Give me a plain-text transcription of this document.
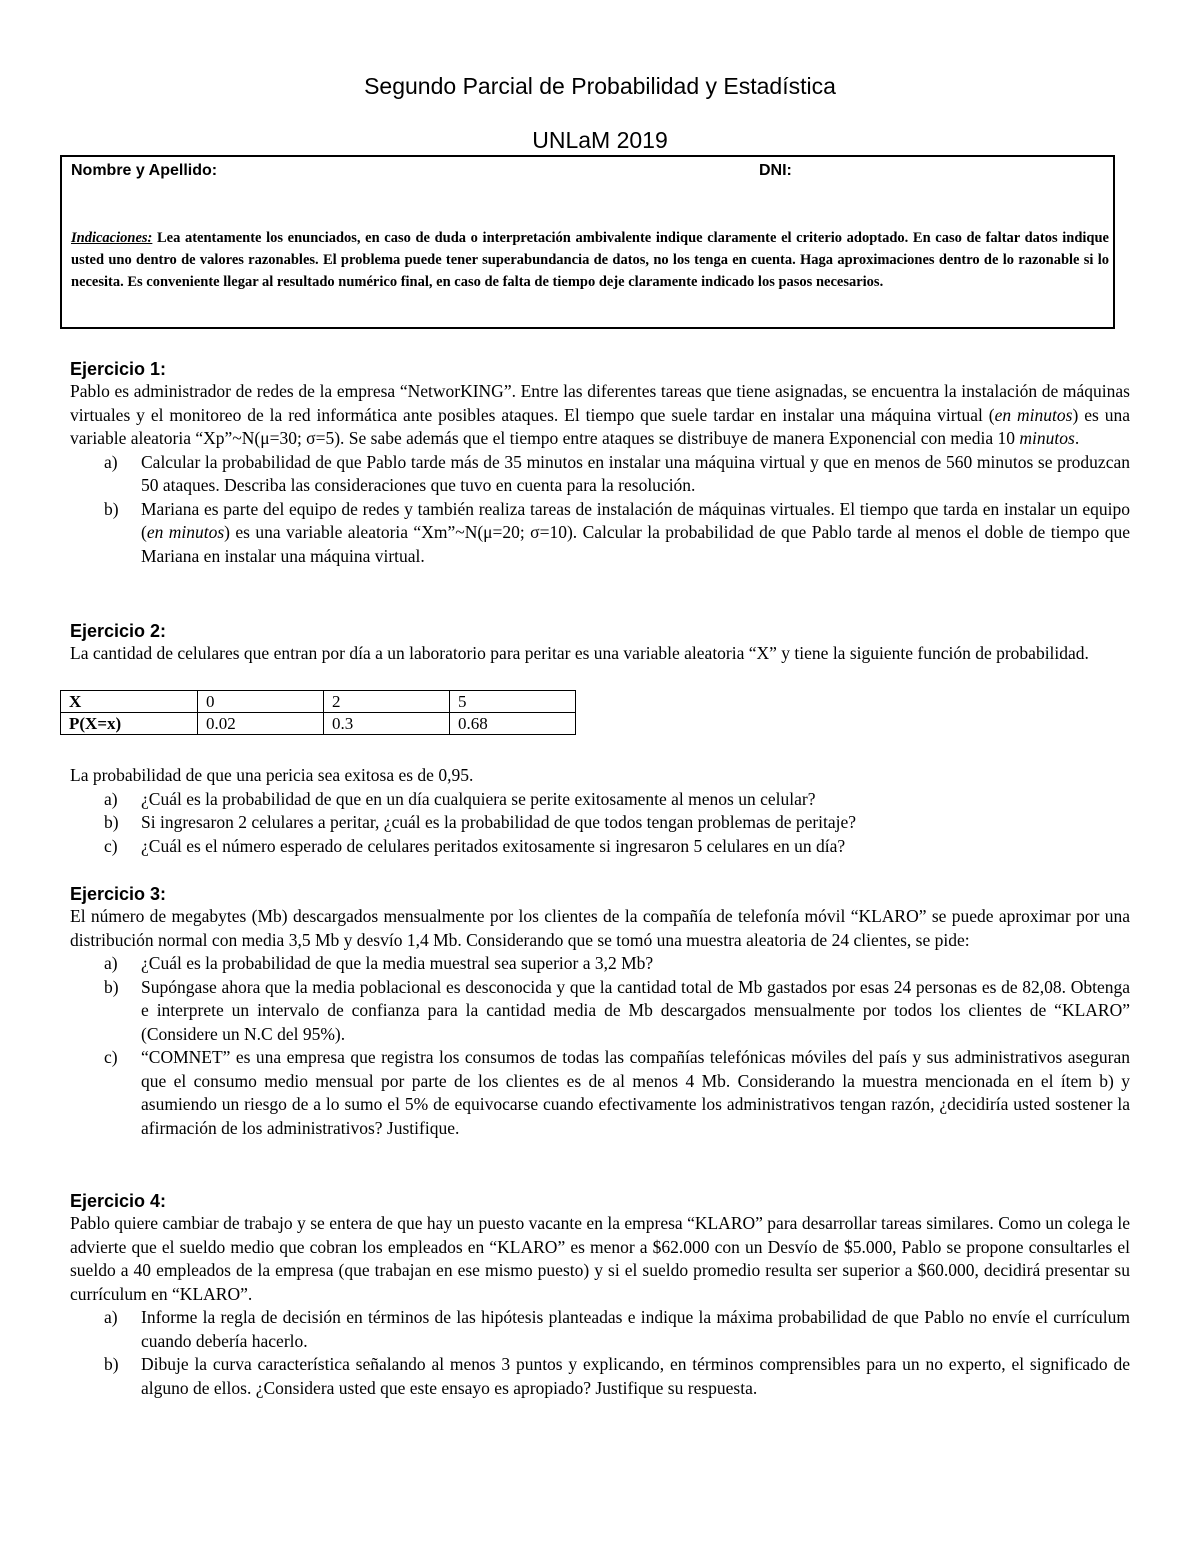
Segundo Parcial de Probabilidad y Estadística
UNLaM 2019
Nombre y Apellido:	DNI:
Indicaciones: Lea atentamente los enunciados, en caso de duda o interpretación ambivalente indique claramente el criterio adoptado. En caso de faltar datos indique usted uno dentro de valores razonables. El problema puede tener superabundancia de datos, no los tenga en cuenta. Haga aproximaciones dentro de lo razonable si lo necesita. Es conveniente llegar al resultado numérico final, en caso de falta de tiempo deje claramente indicado los pasos necesarios.
Ejercicio 1:

Pablo es administrador de redes de la empresa “NetworKING”. Entre las diferentes tareas que tiene asignadas, se encuentra la instalación de máquinas virtuales y el monitoreo de la red informática ante posibles ataques. El tiempo que suele tardar en instalar una máquina virtual (en minutos) es una variable aleatoria “Xp”~N(μ=30; σ=5). Se sabe además que el tiempo entre ataques se distribuye de manera Exponencial con media 10 minutos.

a) Calcular la probabilidad de que Pablo tarde más de 35 minutos en instalar una máquina virtual y que en menos de 560 minutos se produzcan 50 ataques. Describa las consideraciones que tuvo en cuenta para la resolución.
b) Mariana es parte del equipo de redes y también realiza tareas de instalación de máquinas virtuales. El tiempo que tarda en instalar un equipo (en minutos) es una variable aleatoria “Xm”~N(μ=20; σ=10). Calcular la probabilidad de que Pablo tarde al menos el doble de tiempo que Mariana en instalar una máquina virtual.
Ejercicio 2:

La cantidad de celulares que entran por día a un laboratorio para peritar es una variable aleatoria “X” y tiene la siguiente función de probabilidad.

X	0	2	5
P(X=x)	0.02	0.3	0.68

La probabilidad de que una pericia sea exitosa es de 0,95.

a) ¿Cuál es la probabilidad de que en un día cualquiera se perite exitosamente al menos un celular?
b) Si ingresaron 2 celulares a peritar, ¿cuál es la probabilidad de que todos tengan problemas de peritaje?
c) ¿Cuál es el número esperado de celulares peritados exitosamente si ingresaron 5 celulares en un día?
Ejercicio 3:

El número de megabytes (Mb) descargados mensualmente por los clientes de la compañía de telefonía móvil “KLARO” se puede aproximar por una distribución normal con media 3,5 Mb y desvío 1,4 Mb. Considerando que se tomó una muestra aleatoria de 24 clientes, se pide:

a) ¿Cuál es la probabilidad de que la media muestral sea superior a 3,2 Mb?
b) Supóngase ahora que la media poblacional es desconocida y que la cantidad total de Mb gastados por esas 24 personas es de 82,08. Obtenga e interprete un intervalo de confianza para la cantidad media de Mb descargados mensualmente por todos los clientes de “KLARO” (Considere un N.C del 95%).
c) “COMNET” es una empresa que registra los consumos de todas las compañías telefónicas móviles del país y sus administrativos aseguran que el consumo medio mensual por parte de los clientes es de al menos 4 Mb. Considerando la muestra mencionada en el ítem b) y asumiendo un riesgo de a lo sumo el 5% de equivocarse cuando efectivamente los administrativos tengan razón, ¿decidiría usted sostener la afirmación de los administrativos? Justifique.
Ejercicio 4:

Pablo quiere cambiar de trabajo y se entera de que hay un puesto vacante en la empresa “KLARO” para desarrollar tareas similares. Como un colega le advierte que el sueldo medio que cobran los empleados en “KLARO” es menor a $62.000 con un Desvío de $5.000, Pablo se propone consultarles el sueldo a 40 empleados de la empresa (que trabajan en ese mismo puesto) y si el sueldo promedio resulta ser superior a $60.000, decidirá presentar su currículum en “KLARO”.

a) Informe la regla de decisión en términos de las hipótesis planteadas e indique la máxima probabilidad de que Pablo no envíe el currículum cuando debería hacerlo.
b) Dibuje la curva característica señalando al menos 3 puntos y explicando, en términos comprensibles para un no experto, el significado de alguno de ellos. ¿Considera usted que este ensayo es apropiado? Justifique su respuesta.
